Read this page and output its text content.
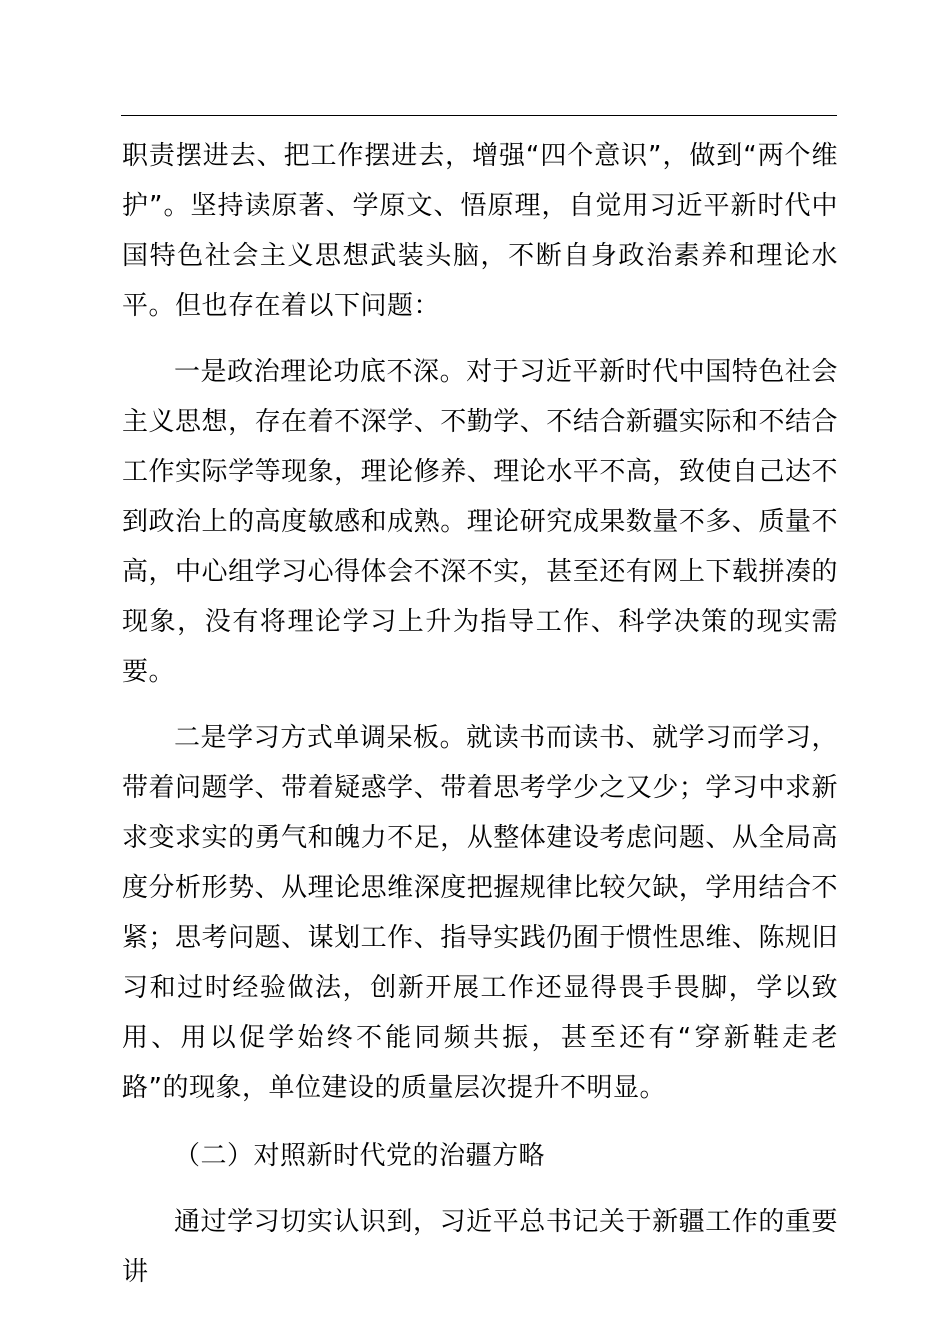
职责摆进去、把工作摆进去，增强“四个意识”，做到“两个维护”。坚持读原著、学原文、悟原理，自觉用习近平新时代中国特色社会主义思想武装头脑，不断自身政治素养和理论水平。但也存在着以下问题：

一是政治理论功底不深。对于习近平新时代中国特色社会主义思想，存在着不深学、不勤学、不结合新疆实际和不结合工作实际学等现象，理论修养、理论水平不高，致使自己达不到政治上的高度敏感和成熟。理论研究成果数量不多、质量不高，中心组学习心得体会不深不实，甚至还有网上下载拼凑的现象，没有将理论学习上升为指导工作、科学决策的现实需要。

二是学习方式单调呆板。就读书而读书、就学习而学习，带着问题学、带着疑惑学、带着思考学少之又少；学习中求新求变求实的勇气和魄力不足，从整体建设考虑问题、从全局高度分析形势、从理论思维深度把握规律比较欠缺，学用结合不紧；思考问题、谋划工作、指导实践仍囿于惯性思维、陈规旧习和过时经验做法，创新开展工作还显得畏手畏脚，学以致用、用以促学始终不能同频共振，甚至还有“穿新鞋走老路”的现象，单位建设的质量层次提升不明显。

（二）对照新时代党的治疆方略

通过学习切实认识到，习近平总书记关于新疆工作的重要讲
